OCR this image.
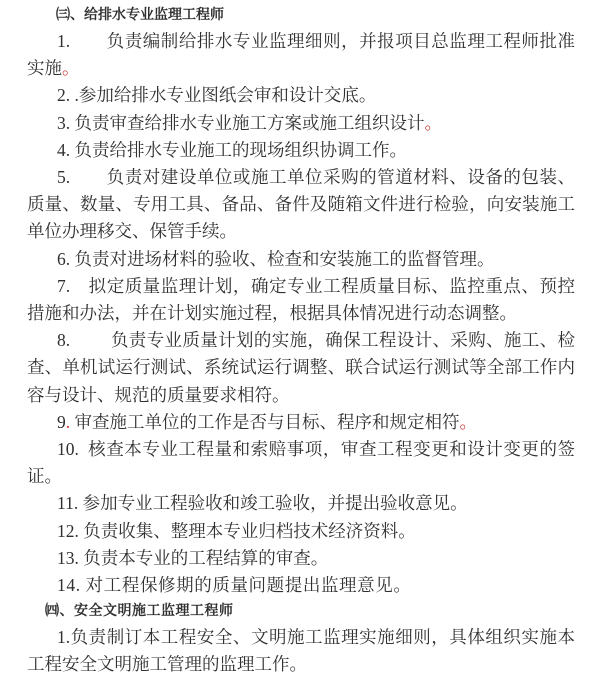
㈢、给排水专业监理工程师

1.　　负责编制给排水专业监理细则，并报项目总监理工程师批准实施。

2. .参加给排水专业图纸会审和设计交底。

3. 负责审查给排水专业施工方案或施工组织设计。

4. 负责给排水专业施工的现场组织协调工作。

5.　　负责对建设单位或施工单位采购的管道材料、设备的包装、质量、数量、专用工具、备品、备件及随箱文件进行检验，向安装施工单位办理移交、保管手续。

6. 负责对进场材料的验收、检查和安装施工的监督管理。

7.　拟定质量监理计划，确定专业工程质量目标、监控重点、预控措施和办法，并在计划实施过程，根据具体情况进行动态调整。

8.　　 负责专业质量计划的实施，确保工程设计、采购、施工、检查、单机试运行测试、系统试运行调整、联合试运行测试等全部工作内容与设计、规范的质量要求相符。

9. 审查施工单位的工作是否与目标、程序和规定相符。

10. 核查本专业工程量和索赔事项，审查工程变更和设计变更的签证。

11. 参加专业工程验收和竣工验收，并提出验收意见。

12. 负责收集、整理本专业归档技术经济资料。

13. 负责本专业的工程结算的审查。

14. 对工程保修期的质量问题提出监理意见。

㈣、安全文明施工监理工程师

1.负责制订本工程安全、文明施工监理实施细则，具体组织实施本工程安全文明施工管理的监理工作。
